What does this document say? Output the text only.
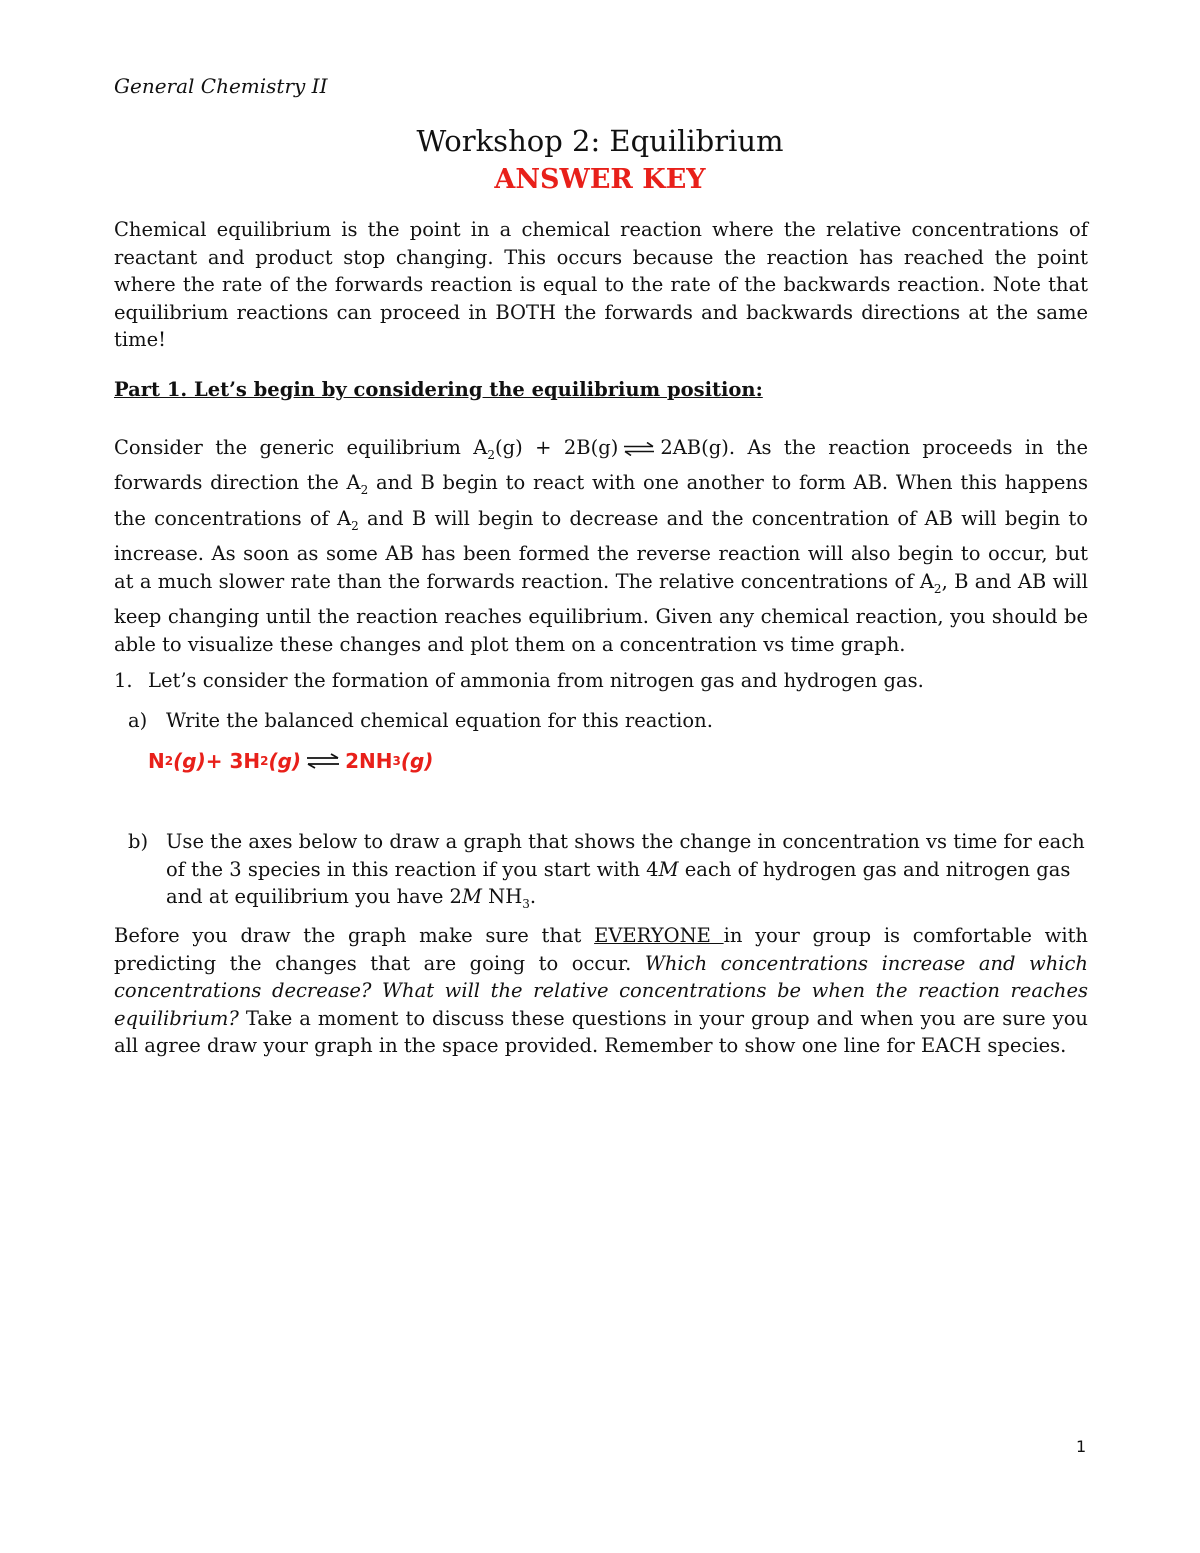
General Chemistry II
Workshop 2: Equilibrium
ANSWER KEY
Chemical equilibrium is the point in a chemical reaction where the relative concentrations of reactant and product stop changing. This occurs because the reaction has reached the point where the rate of the forwards reaction is equal to the rate of the backwards reaction. Note that equilibrium reactions can proceed in BOTH the forwards and backwards directions at the same time!
Part 1. Let’s begin by considering the equilibrium position:
Consider the generic equilibrium $A_2(g) + 2B(g)$ ⇌ 2AB(g). As the reaction proceeds in the forwards direction the $A_2$ and B begin to react with one another to form AB. When this happens the concentrations of $A_2$ and B will begin to decrease and the concentration of AB will begin to increase. As soon as some AB has been formed the reverse reaction will also begin to occur, but at a much slower rate than the forwards reaction. The relative concentrations of $A_2$, B and AB will keep changing until the reaction reaches equilibrium. Given any chemical reaction, you should be able to visualize these changes and plot them on a concentration vs time graph.
1. Let’s consider the formation of ammonia from nitrogen gas and hydrogen gas.
a) Write the balanced chemical equation for this reaction.
N 2 (g) + 3H 2 (g) ⇌ 2NH 3 (g)
b) Use the axes below to draw a graph that shows the change in concentration vs time for each of the 3 species in this reaction if you start with 4M each of hydrogen gas and nitrogen gas and at equilibrium you have 2M $NH_3$.
Before you draw the graph make sure that EVERYONE in your group is comfortable with predicting the changes that are going to occur. Which concentrations increase and which concentrations decrease? What will the relative concentrations be when the reaction reaches equilibrium? Take a moment to discuss these questions in your group and when you are sure you all agree draw your graph in the space provided. Remember to show one line for EACH species.
1
